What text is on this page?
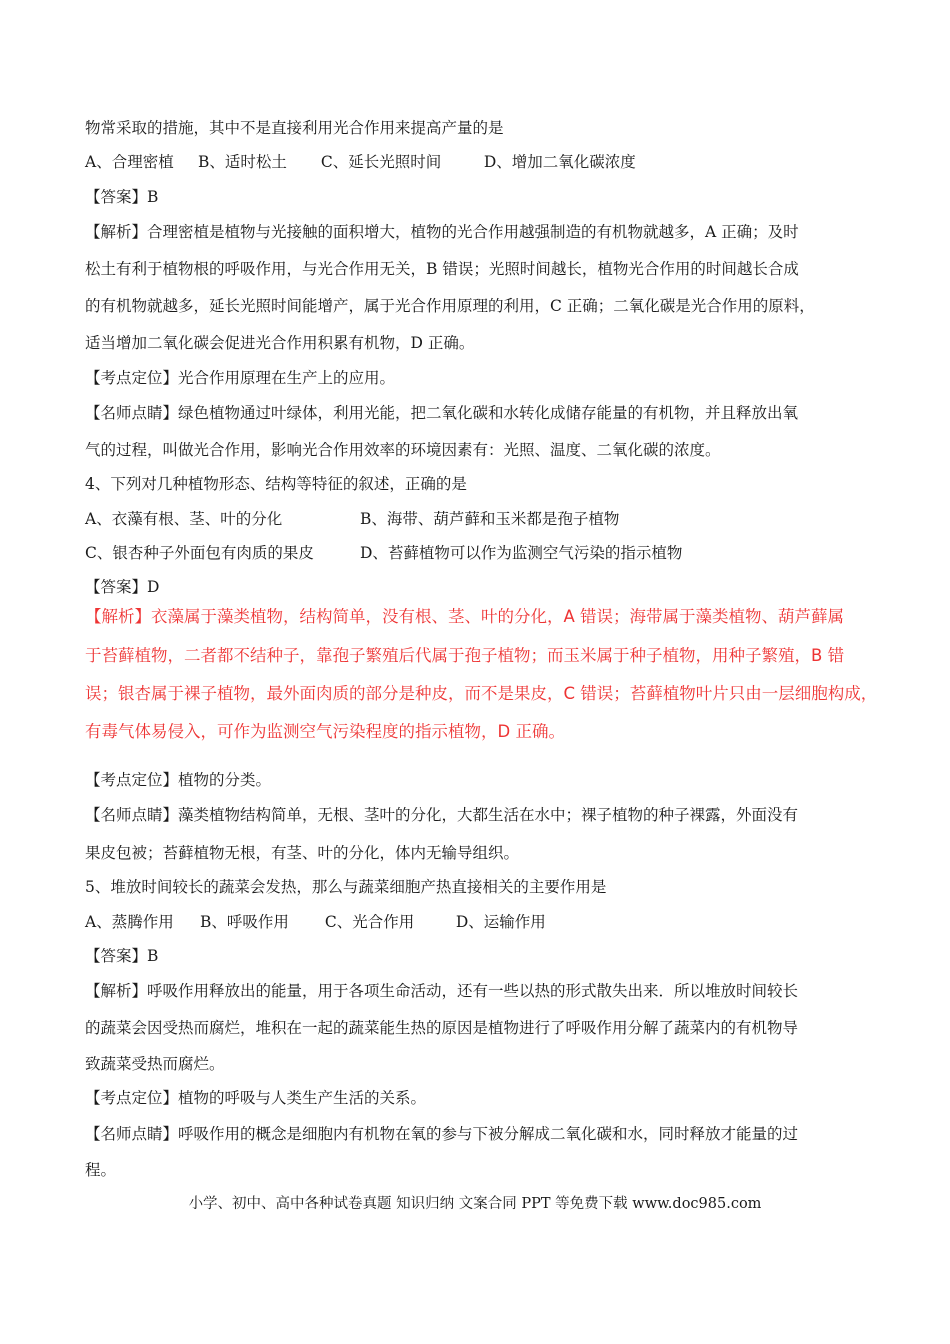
物常采取的措施，其中不是直接利用光合作用来提高产量的是
A、合理密植 B、适时松土 C、延长光照时间	D、增加二氧化碳浓度
【答案】B
【解析】合理密植是植物与光接触的面积增大，植物的光合作用越强制造的有机物就越多，A 正确；及时
松土有利于植物根的呼吸作用，与光合作用无关，B 错误；光照时间越长，植物光合作用的时间越长合成
的有机物就越多，延长光照时间能增产，属于光合作用原理的利用，C 正确；二氧化碳是光合作用的原料，
适当增加二氧化碳会促进光合作用积累有机物，D 正确。
【考点定位】光合作用原理在生产上的应用。
【名师点睛】绿色植物通过叶绿体，利用光能，把二氧化碳和水转化成储存能量的有机物，并且释放出氧
气的过程，叫做光合作用，影响光合作用效率的环境因素有：光照、温度、二氧化碳的浓度。
4、下列对几种植物形态、结构等特征的叙述，正确的是
A、衣藻有根、茎、叶的分化	B、海带、葫芦藓和玉米都是孢子植物
C、银杏种子外面包有肉质的果皮	D、苔藓植物可以作为监测空气污染的指示植物
【答案】D
【解析】衣藻属于藻类植物，结构简单，没有根、茎、叶的分化，A 错误；海带属于藻类植物、葫芦藓属
于苔藓植物，二者都不结种子，靠孢子繁殖后代属于孢子植物；而玉米属于种子植物，用种子繁殖，B 错
误；银杏属于裸子植物，最外面肉质的部分是种皮，而不是果皮，C 错误；苔藓植物叶片只由一层细胞构成，
有毒气体易侵入，可作为监测空气污染程度的指示植物，D 正确。
【考点定位】植物的分类。
【名师点睛】藻类植物结构简单，无根、茎叶的分化，大都生活在水中；裸子植物的种子裸露，外面没有
果皮包被；苔藓植物无根，有茎、叶的分化，体内无输导组织。
5、堆放时间较长的蔬菜会发热，那么与蔬菜细胞产热直接相关的主要作用是
A、蒸腾作用 B、呼吸作用 C、光合作用	D、运输作用
【答案】B
【解析】呼吸作用释放出的能量，用于各项生命活动，还有一些以热的形式散失出来．所以堆放时间较长
的蔬菜会因受热而腐烂，堆积在一起的蔬菜能生热的原因是植物进行了呼吸作用分解了蔬菜内的有机物导
致蔬菜受热而腐烂。
【考点定位】植物的呼吸与人类生产生活的关系。
【名师点睛】呼吸作用的概念是细胞内有机物在氧的参与下被分解成二氧化碳和水，同时释放才能量的过
程。
小学、初中、高中各种试卷真题 知识归纳 文案合同 PPT 等免费下载 www.doc985.com
